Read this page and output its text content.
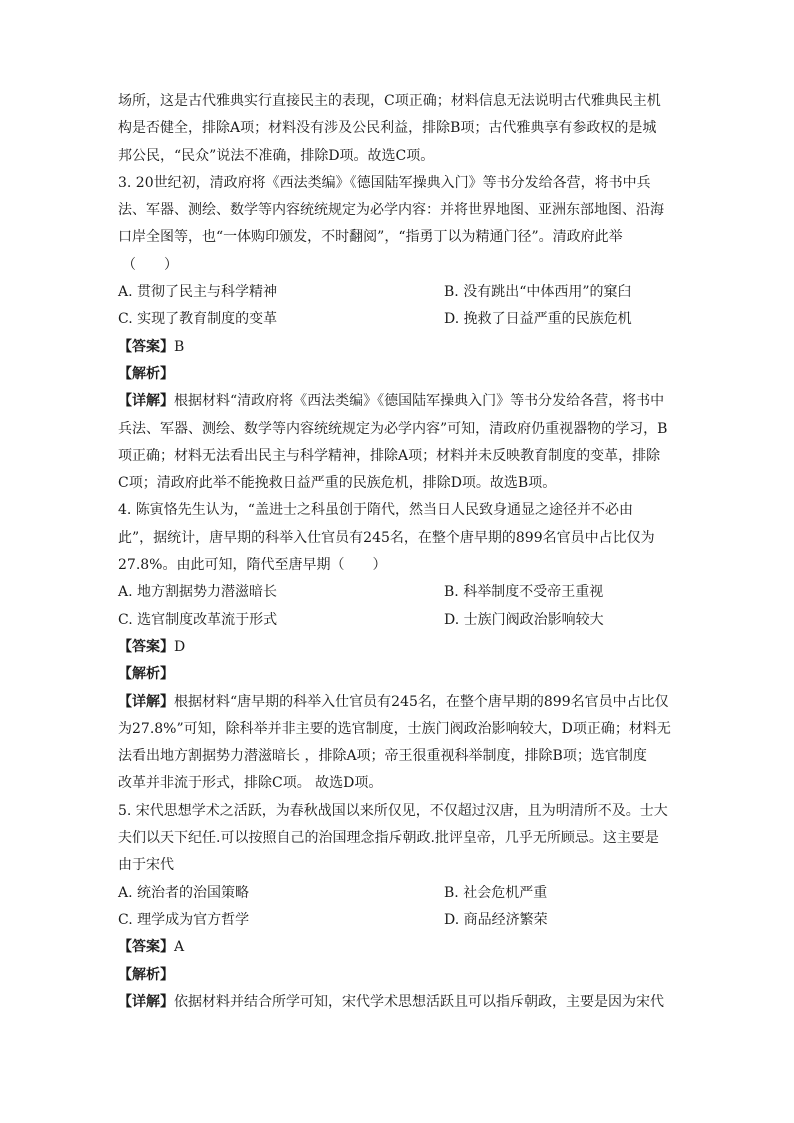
场所，这是古代雅典实行直接民主的表现，C项正确；材料信息无法说明古代雅典民主机
构是否健全，排除A项；材料没有涉及公民利益，排除B项；古代雅典享有参政权的是城
邦公民，“民众”说法不准确，排除D项。故选C项。
3. 20世纪初，清政府将《西法类编》《德国陆军操典入门》等书分发给各营，将书中兵
法、军器、测绘、数学等内容统统规定为必学内容：并将世界地图、亚洲东部地图、沿海
口岸全图等，也“一体购印颁发，不时翻阅”，“指勇丁以为精通门径”。清政府此举
（　　）
A. 贯彻了民主与科学精神	B. 没有跳出“中体西用”的窠臼
C. 实现了教育制度的变革	D. 挽救了日益严重的民族危机
【答案】B
【解析】
【详解】根据材料“清政府将《西法类编》《德国陆军操典入门》等书分发给各营，将书中
兵法、军器、测绘、数学等内容统统规定为必学内容”可知，清政府仍重视器物的学习，B
项正确；材料无法看出民主与科学精神，排除A项；材料并未反映教育制度的变革，排除
C项；清政府此举不能挽救日益严重的民族危机，排除D项。故选B项。
4. 陈寅恪先生认为，“盖进士之科虽创于隋代，然当日人民致身通显之途径并不必由
此”，据统计，唐早期的科举入仕官员有245名，在整个唐早期的899名官员中占比仅为
27.8%。由此可知，隋代至唐早期（　　）
A. 地方割据势力潜滋暗长	B. 科举制度不受帝王重视
C. 选官制度改革流于形式	D. 士族门阀政治影响较大
【答案】D
【解析】
【详解】根据材料“唐早期的科举入仕官员有245名，在整个唐早期的899名官员中占比仅
为27.8%”可知，除科举并非主要的选官制度，士族门阀政治影响较大，D项正确；材料无
法看出地方割据势力潜滋暗长 ，排除A项；帝王很重视科举制度，排除B项；选官制度
改革并非流于形式，排除C项。 故选D项。
5. 宋代思想学术之活跃，为春秋战国以来所仅见，不仅超过汉唐，且为明清所不及。士大
夫们以天下纪任.可以按照自己的治国理念指斥朝政.批评皇帝，几乎无所顾忌。这主要是
由于宋代
A. 统治者的治国策略	B. 社会危机严重
C. 理学成为官方哲学	D. 商品经济繁荣
【答案】A
【解析】
【详解】依据材料并结合所学可知，宋代学术思想活跃且可以指斥朝政，主要是因为宋代
